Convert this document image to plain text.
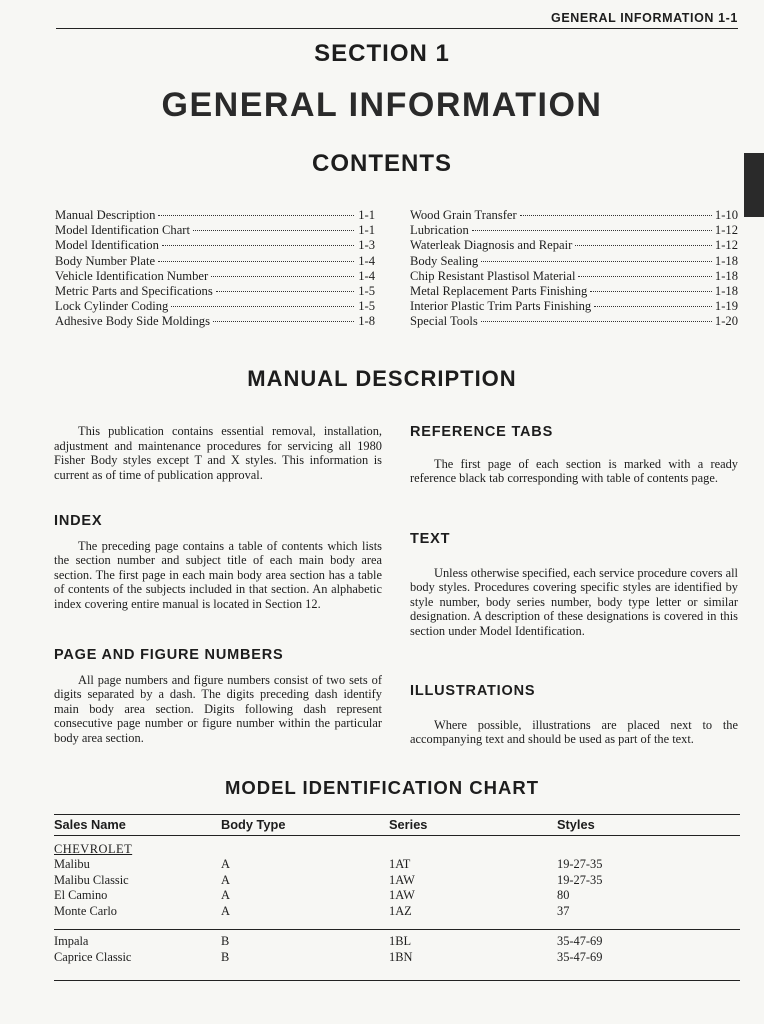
GENERAL INFORMATION 1-1
SECTION 1
GENERAL INFORMATION
CONTENTS
Manual Description	1-1
Model Identification Chart	1-1
Model Identification	1-3
Body Number Plate	1-4
Vehicle Identification Number	1-4
Metric Parts and Specifications	1-5
Lock Cylinder Coding	1-5
Adhesive Body Side Moldings	1-8
Wood Grain Transfer	1-10
Lubrication	1-12
Waterleak Diagnosis and Repair	1-12
Body Sealing	1-18
Chip Resistant Plastisol Material	1-18
Metal Replacement Parts Finishing	1-18
Interior Plastic Trim Parts Finishing	1-19
Special Tools	1-20
MANUAL DESCRIPTION

This publication contains essential removal, installation, adjustment and maintenance procedures for servicing all 1980 Fisher Body styles except T and X styles. This information is current as of time of publication approval.

INDEX

The preceding page contains a table of contents which lists the section number and subject title of each main body area section. The first page in each main body area section has a table of contents of the subjects included in that section. An alphabetic index covering entire manual is located in Section 12.

PAGE AND FIGURE NUMBERS

All page numbers and figure numbers consist of two sets of digits separated by a dash. The digits preceding dash identify main body area section. Digits following dash represent consecutive page number or figure number within the particular body area section.

REFERENCE TABS

The first page of each section is marked with a ready reference black tab corresponding with table of contents page.

TEXT

Unless otherwise specified, each service procedure covers all body styles. Procedures covering specific styles are identified by style number, body series number, body type letter or similar designation. A description of these designations is covered in this section under Model Identification.

ILLUSTRATIONS

Where possible, illustrations are placed next to the accompanying text and should be used as part of the text.

MODEL IDENTIFICATION CHART
Sales Name	Body Type	Series	Styles
CHEVROLET
Malibu	A	1AT	19-27-35
Malibu Classic	A	1AW	19-27-35
El Camino	A	1AW	80
Monte Carlo	A	1AZ	37
Impala	B	1BL	35-47-69
Caprice Classic	B	1BN	35-47-69
